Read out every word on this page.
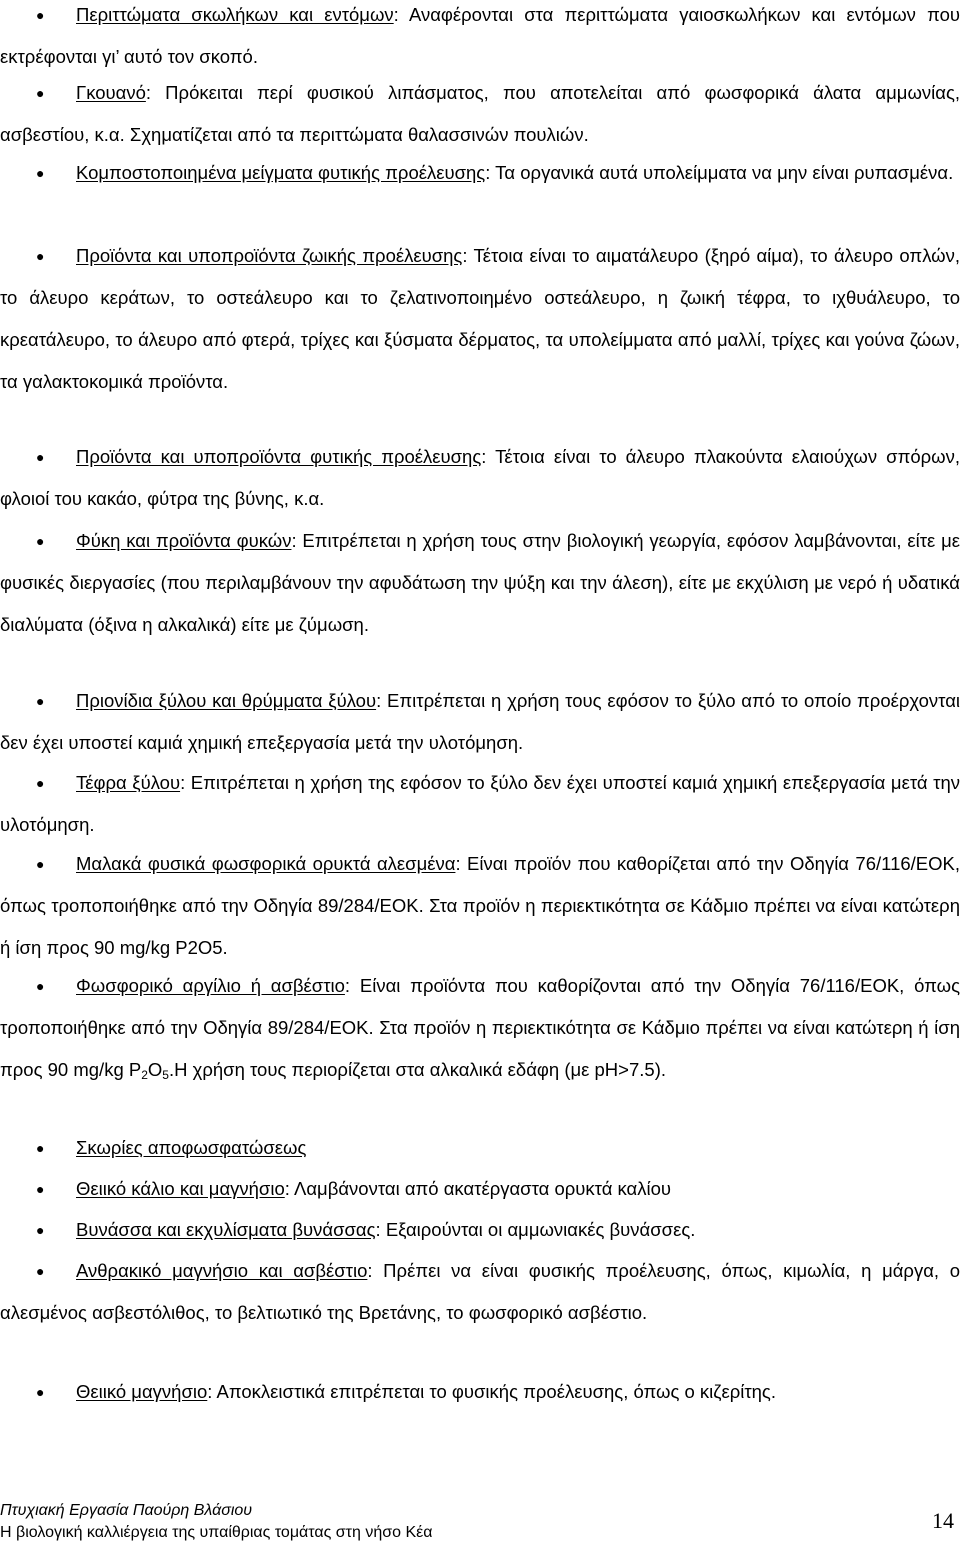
●	Περιττώματα σκωλήκων και εντόμων: Αναφέρονται στα περιττώματα γαιοσκωλήκων και εντόμων που εκτρέφονται γι’ αυτό τον σκοπό.
●	Γκουανό: Πρόκειται περί φυσικού λιπάσματος, που αποτελείται από φωσφορικά άλατα αμμωνίας, ασβεστίου, κ.α. Σχηματίζεται από τα περιττώματα θαλασσινών πουλιών.
●	Κομποστοποιημένα μείγματα φυτικής προέλευσης: Τα οργανικά αυτά υπολείμματα να μην είναι ρυπασμένα.
●	Προϊόντα και υποπροϊόντα ζωικής προέλευσης: Τέτοια είναι το αιματάλευρο (ξηρό αίμα), το άλευρο οπλών, το άλευρο κεράτων, το οστεάλευρο και το ζελατινοποιημένο οστεάλευρο, η ζωική τέφρα, το ιχθυάλευρο, το κρεατάλευρο, το άλευρο από φτερά, τρίχες και ξύσματα δέρματος, τα υπολείμματα από μαλλί, τρίχες και γούνα ζώων, τα γαλακτοκομικά προϊόντα.
●	Προϊόντα και υποπροϊόντα φυτικής προέλευσης: Τέτοια είναι το άλευρο πλακούντα ελαιούχων σπόρων, φλοιοί του κακάο, φύτρα της βύνης, κ.α.
●	Φύκη και προϊόντα φυκών: Επιτρέπεται η χρήση τους στην βιολογική γεωργία, εφόσον λαμβάνονται, είτε με φυσικές διεργασίες (που περιλαμβάνουν την αφυδάτωση την ψύξη και την άλεση), είτε με εκχύλιση με νερό ή υδατικά διαλύματα (όξινα η αλκαλικά) είτε με ζύμωση.
●	Πριονίδια ξύλου και θρύμματα ξύλου: Επιτρέπεται η χρήση τους εφόσον το ξύλο από το οποίο προέρχονται δεν έχει υποστεί καμιά χημική επεξεργασία μετά την υλοτόμηση.
●	Τέφρα ξύλου: Επιτρέπεται η χρήση της εφόσον το ξύλο δεν έχει υποστεί καμιά χημική επεξεργασία μετά την υλοτόμηση.
●	Μαλακά φυσικά φωσφορικά ορυκτά αλεσμένα: Είναι προϊόν που καθορίζεται από την Οδηγία 76/116/ΕΟΚ, όπως τροποποιήθηκε από την Οδηγία 89/284/ΕΟΚ. Στα προϊόν η περιεκτικότητα σε Κάδμιο πρέπει να είναι κατώτερη ή ίση προς 90 mg/kg P2O5.
●	Φωσφορικό αργίλιο ή ασβέστιο: Είναι προϊόντα που καθορίζονται από την Οδηγία 76/116/ΕΟΚ, όπως τροποποιήθηκε από την Οδηγία 89/284/ΕΟΚ. Στα προϊόν η περιεκτικότητα σε Κάδμιο πρέπει να είναι κατώτερη ή ίση προς 90 mg/kg $P_2O_5.H$ χρήση τους περιορίζεται στα αλκαλικά εδάφη (με pH>7.5).
●	Σκωρίες αποφωσφατώσεως
●	Θειικό κάλιο και μαγνήσιο: Λαμβάνονται από ακατέργαστα ορυκτά καλίου
●	Βυνάσσα και εκχυλίσματα βυνάσσας: Εξαιρούνται οι αμμωνιακές βυνάσσες.
●	Ανθρακικό μαγνήσιο και ασβέστιο: Πρέπει να είναι φυσικής προέλευσης, όπως, κιμωλία, η μάργα, ο αλεσμένος ασβεστόλιθος, το βελτιωτικό της Βρετάνης, το φωσφορικό ασβέστιο.
●	Θειικό μαγνήσιο: Αποκλειστικά επιτρέπεται το φυσικής προέλευσης, όπως ο κιζερίτης.
Πτυχιακή Εργασία Παούρη Βλάσιου
Η βιολογική καλλιέργεια της υπαίθριας τομάτας στη νήσο Κέα	14
